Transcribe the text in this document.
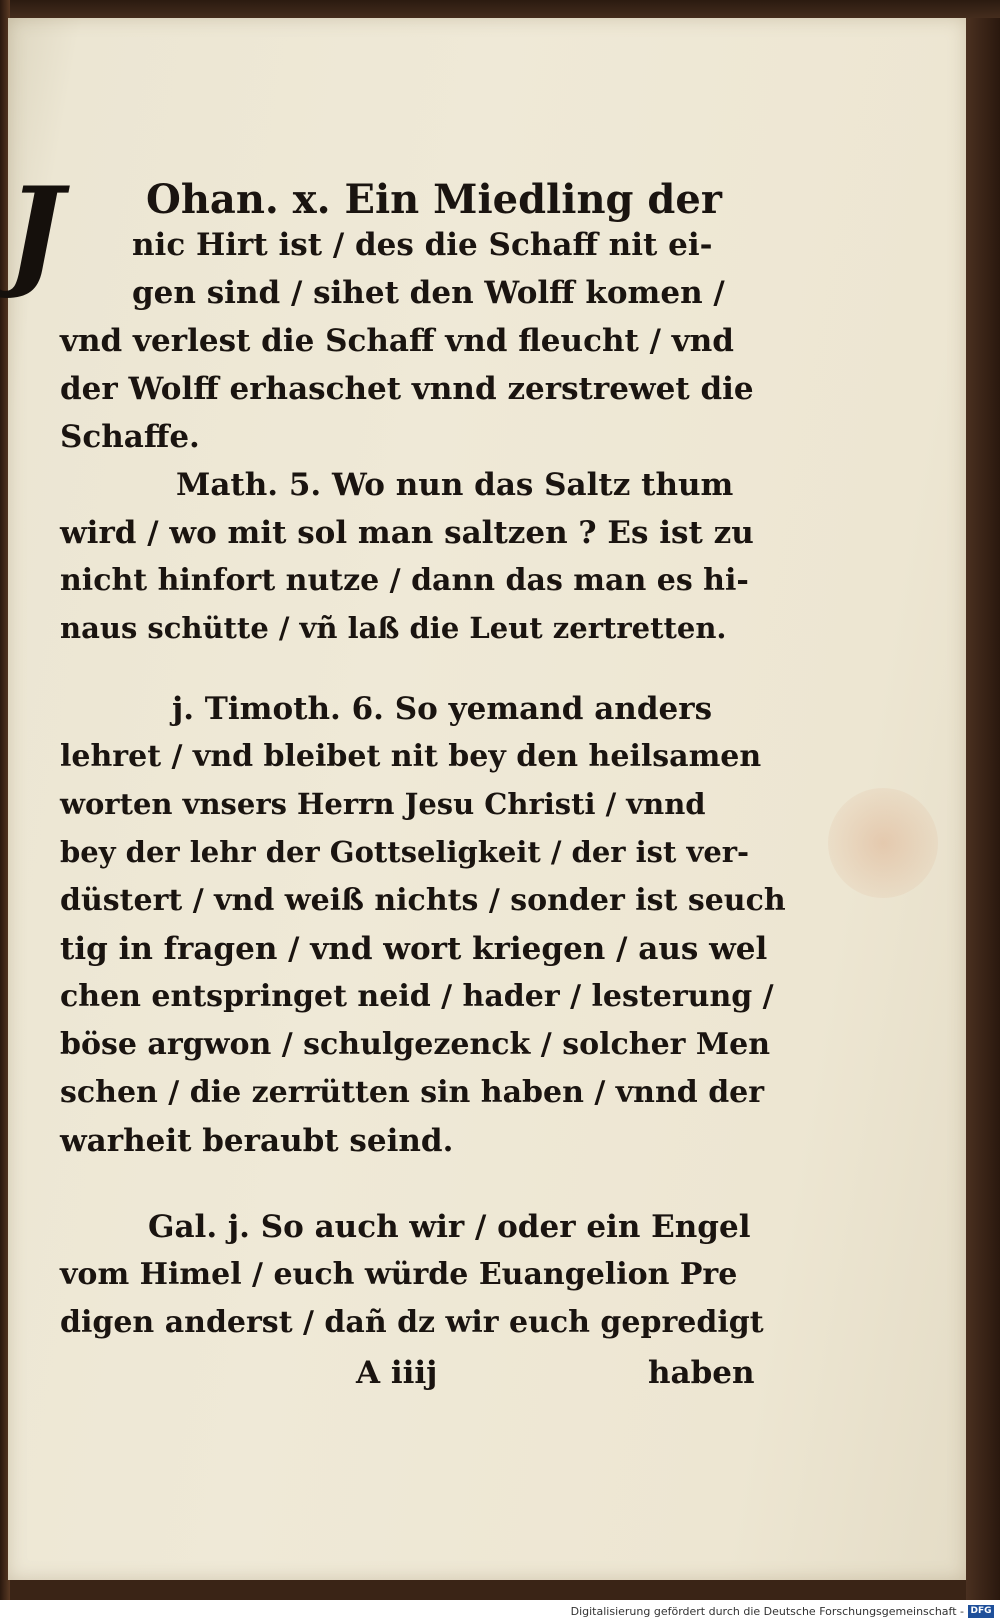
J Ohan. x. Ein Miedling der
nic Hirt ist / des die Schaff nit ei-
gen sind / sihet den Wolff komen /
vnd verlest die Schaff vnd fleucht / vnd
der Wolff erhaschet vnnd zerstrewet die
Schaffe.
Math. 5. Wo nun das Saltz thum
wird / wo mit sol man saltzen ? Es ist zu
nicht hinfort nutze / dann das man es hi-
naus schütte / vñ laß die Leut zertretten.
j. Timoth. 6. So yemand anders
lehret / vnd bleibet nit bey den heilsamen
worten vnsers Herrn Jesu Christi / vnnd
bey der lehr der Gottseligkeit / der ist ver-
düstert / vnd weiß nichts / sonder ist seuch
tig in fragen / vnd wort kriegen / aus wel
chen entspringet neid / hader / lesterung /
böse argwon / schulgezenck / solcher Men
schen / die zerrütten sin haben / vnnd der
warheit beraubt seind.
Gal. j. So auch wir / oder ein Engel
vom Himel / euch würde Euangelion Pre
digen anderst / dañ dz wir euch gepredigt
A iiij	haben
Digitalisierung gefördert durch die Deutsche Forschungsgemeinschaft - DFG
